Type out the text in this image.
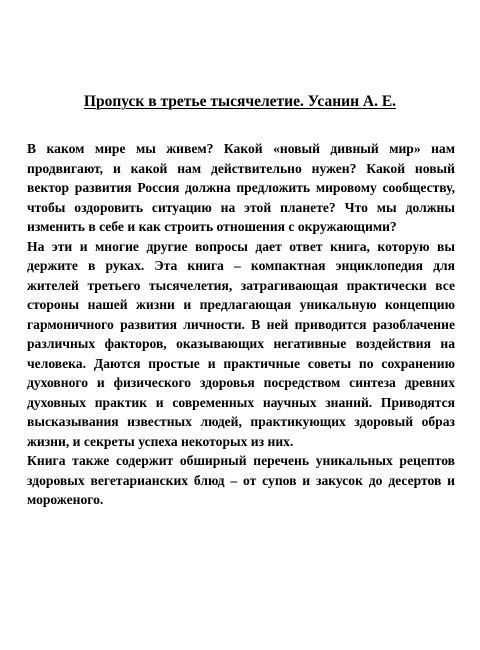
Пропуск в третье тысячелетие. Усанин А. Е.

В каком мире мы живем? Какой «новый дивный мир» нам продвигают, и какой нам действительно нужен? Какой новый вектор развития Россия должна предложить мировому сообществу, чтобы оздоровить ситуацию на этой планете? Что мы должны изменить в себе и как строить отношения с окружающими?

На эти и многие другие вопросы дает ответ книга, которую вы держите в руках. Эта книга – компактная энциклопедия для жителей третьего тысячелетия, затрагивающая практически все стороны нашей жизни и предлагающая уникальную концепцию гармоничного развития личности. В ней приводится разоблачение различных факторов, оказывающих негативные воздействия на человека. Даются простые и практичные советы по сохранению духовного и физического здоровья посредством синтеза древних духовных практик и современных научных знаний. Приводятся высказывания известных людей, практикующих здоровый образ жизни, и секреты успеха некоторых из них.

Книга также содержит обширный перечень уникальных рецептов здоровых вегетарианских блюд – от супов и закусок до десертов и мороженого.
